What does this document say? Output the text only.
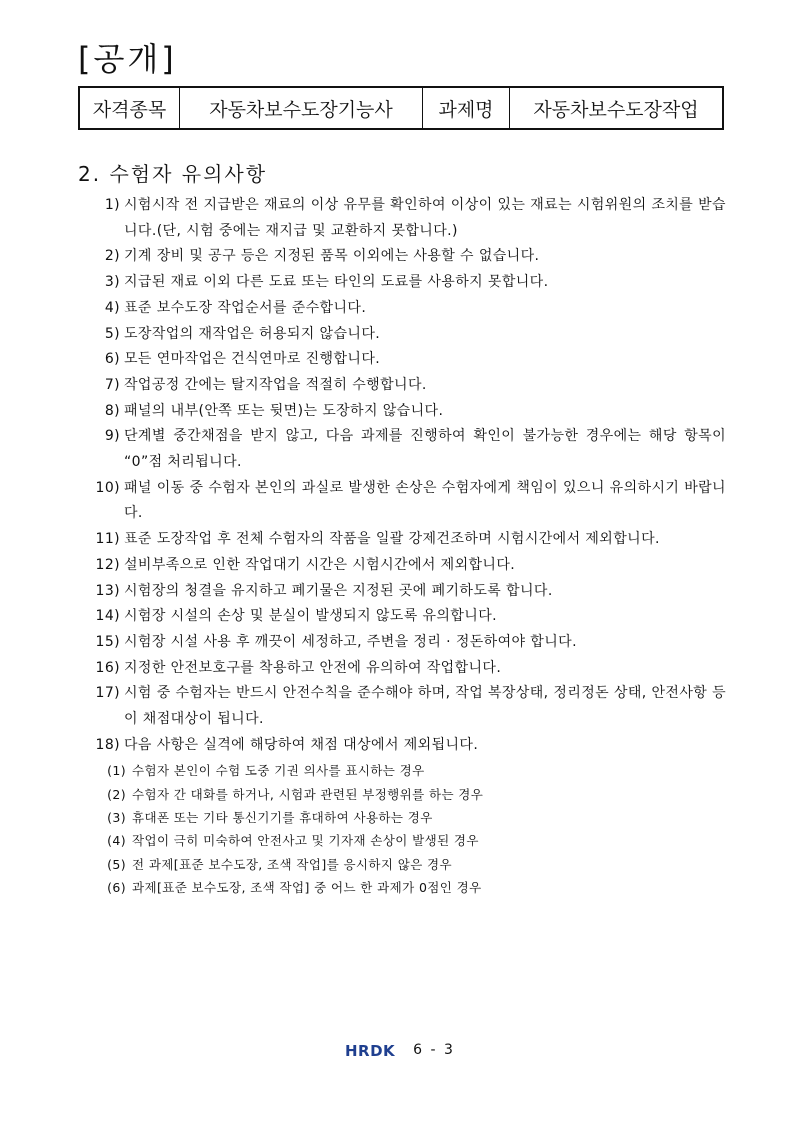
[공개]
자격종목	자동차보수도장기능사	과제명	자동차보수도장작업
2. 수험자 유의사항
1) 시험시작 전 지급받은 재료의 이상 유무를 확인하여 이상이 있는 재료는 시험위원의 조치를 받습니다.(단, 시험 중에는 재지급 및 교환하지 못합니다.)
2) 기계 장비 및 공구 등은 지정된 품목 이외에는 사용할 수 없습니다.
3) 지급된 재료 이외 다른 도료 또는 타인의 도료를 사용하지 못합니다.
4) 표준 보수도장 작업순서를 준수합니다.
5) 도장작업의 재작업은 허용되지 않습니다.
6) 모든 연마작업은 건식연마로 진행합니다.
7) 작업공정 간에는 탈지작업을 적절히 수행합니다.
8) 패널의 내부(안쪽 또는 뒷면)는 도장하지 않습니다.
9) 단계별 중간채점을 받지 않고, 다음 과제를 진행하여 확인이 불가능한 경우에는 해당 항목이 “0”점 처리됩니다.
10) 패널 이동 중 수험자 본인의 과실로 발생한 손상은 수험자에게 책임이 있으니 유의하시기 바랍니다.
11) 표준 도장작업 후 전체 수험자의 작품을 일괄 강제건조하며 시험시간에서 제외합니다.
12) 설비부족으로 인한 작업대기 시간은 시험시간에서 제외합니다.
13) 시험장의 청결을 유지하고 폐기물은 지정된 곳에 폐기하도록 합니다.
14) 시험장 시설의 손상 및 분실이 발생되지 않도록 유의합니다.
15) 시험장 시설 사용 후 깨끗이 세정하고, 주변을 정리 · 정돈하여야 합니다.
16) 지정한 안전보호구를 착용하고 안전에 유의하여 작업합니다.
17) 시험 중 수험자는 반드시 안전수칙을 준수해야 하며, 작업 복장상태, 정리정돈 상태, 안전사항 등이 채점대상이 됩니다.
18) 다음 사항은 실격에 해당하여 채점 대상에서 제외됩니다.
(1) 수험자 본인이 수험 도중 기권 의사를 표시하는 경우
(2) 수험자 간 대화를 하거나, 시험과 관련된 부정행위를 하는 경우
(3) 휴대폰 또는 기타 통신기기를 휴대하여 사용하는 경우
(4) 작업이 극히 미숙하여 안전사고 및 기자재 손상이 발생된 경우
(5) 전 과제[표준 보수도장, 조색 작업]를 응시하지 않은 경우
(6) 과제[표준 보수도장, 조색 작업] 중 어느 한 과제가 0점인 경우
HRDK 6 - 3
